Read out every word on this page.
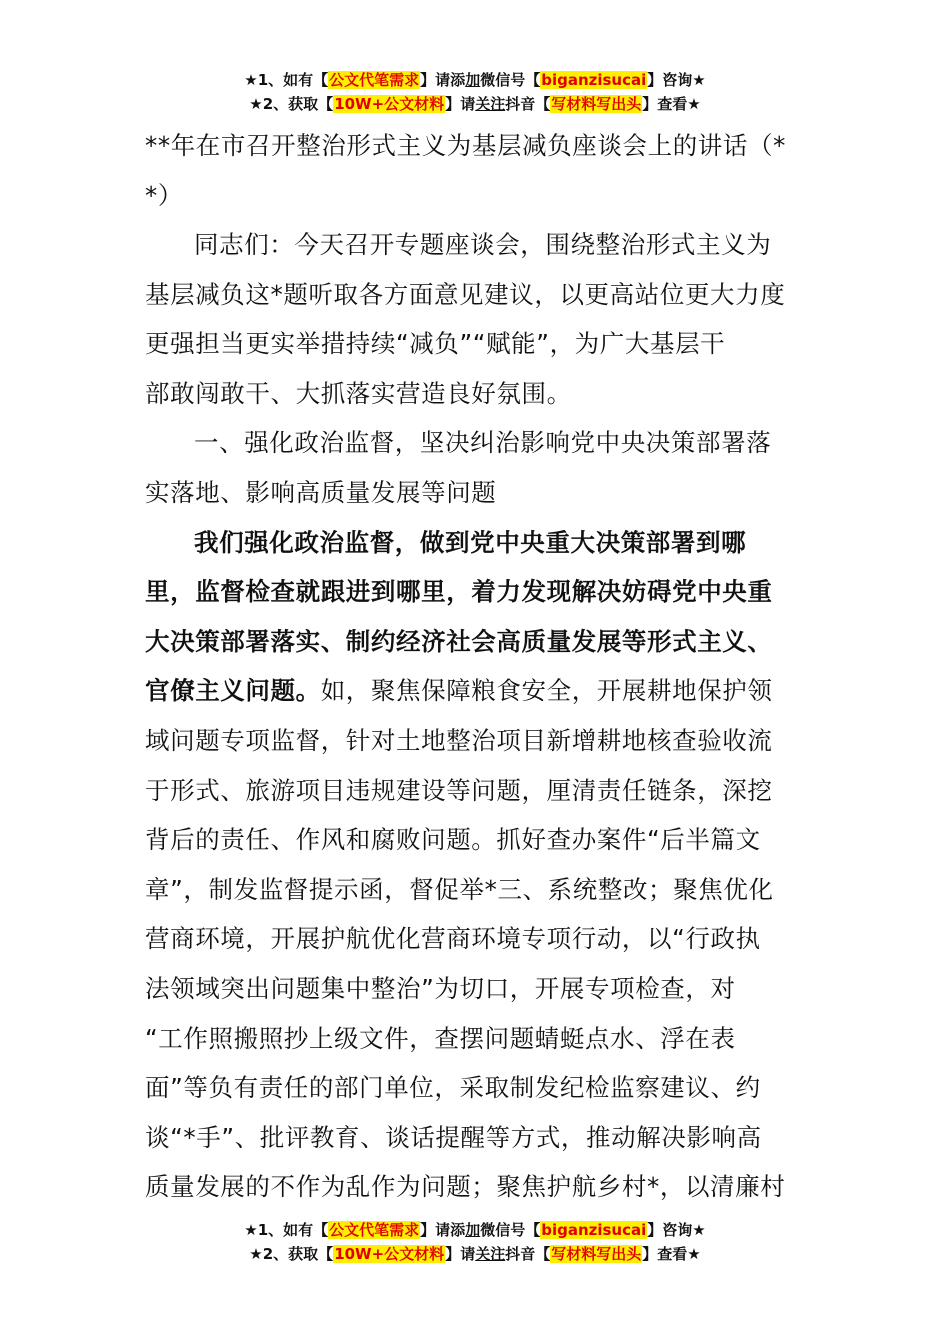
★1、如有【公文代笔需求】请添加微信号【biganzisucai】咨询★
★2、获取【10W+公文材料】请关注抖音【写材料写出头】查看★
**年在市召开整治形式主义为基层减负座谈会上的讲话（*
*）
同志们：今天召开专题座谈会，围绕整治形式主义为
基层减负这*题听取各方面意见建议，以更高站位更大力度
更强担当更实举措持续“减负”“赋能”，为广大基层干
部敢闯敢干、大抓落实营造良好氛围。
一、强化政治监督，坚决纠治影响党中央决策部署落
实落地、影响高质量发展等问题
我们强化政治监督，做到党中央重大决策部署到哪
里，监督检查就跟进到哪里，着力发现解决妨碍党中央重
大决策部署落实、制约经济社会高质量发展等形式主义、
官僚主义问题。如，聚焦保障粮食安全，开展耕地保护领
域问题专项监督，针对土地整治项目新增耕地核查验收流
于形式、旅游项目违规建设等问题，厘清责任链条，深挖
背后的责任、作风和腐败问题。抓好查办案件“后半篇文
章”，制发监督提示函，督促举*三、系统整改；聚焦优化
营商环境，开展护航优化营商环境专项行动，以“行政执
法领域突出问题集中整治”为切口，开展专项检查，对
“工作照搬照抄上级文件，查摆问题蜻蜓点水、浮在表
面”等负有责任的部门单位，采取制发纪检监察建议、约
谈“*手”、批评教育、谈话提醒等方式，推动解决影响高
质量发展的不作为乱作为问题；聚焦护航乡村*，以清廉村
★1、如有【公文代笔需求】请添加微信号【biganzisucai】咨询★
★2、获取【10W+公文材料】请关注抖音【写材料写出头】查看★
